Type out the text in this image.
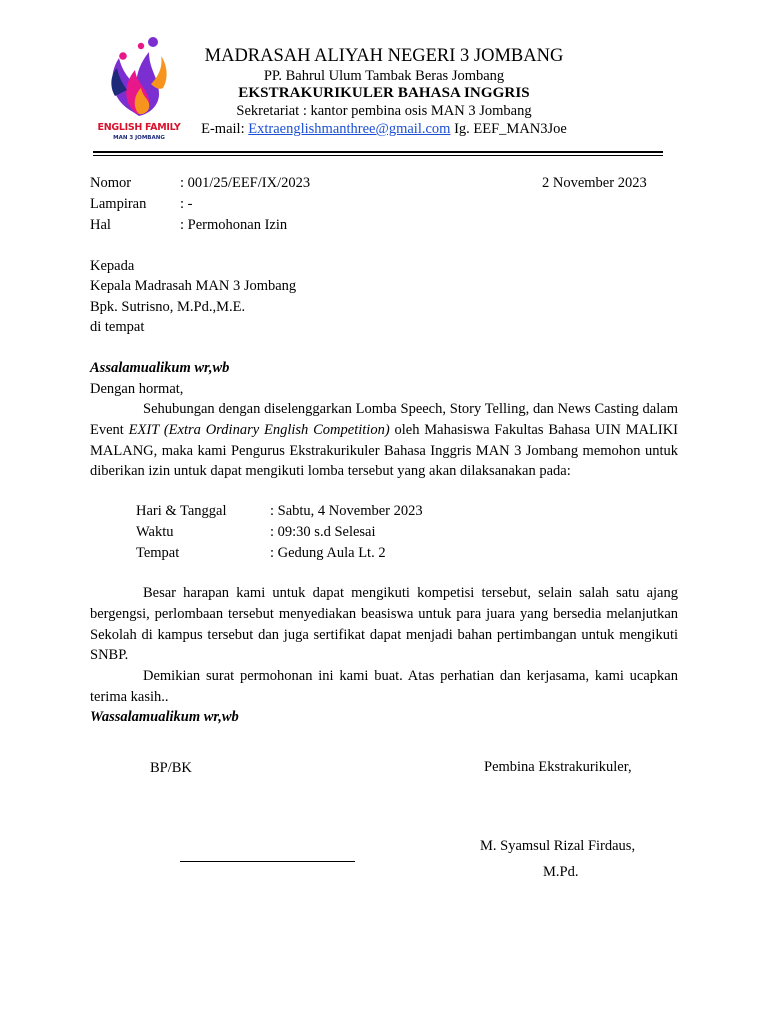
ENGLISH FAMILY
MAN 3 JOMBANG
MADRASAH ALIYAH NEGERI 3 JOMBANG
PP. Bahrul Ulum Tambak Beras Jombang
EKSTRAKURIKULER BAHASA INGGRIS
Sekretariat : kantor pembina osis MAN 3 Jombang
E-mail: Extraenglishmanthree@gmail.com Ig. EEF_MAN3Joe
Nomor	: 001/25/EEF/IX/2023	2 November 2023
Lampiran : -
Hal	: Permohonan Izin
Kepada
Kepala Madrasah MAN 3 Jombang
Bpk. Sutrisno, M.Pd.,M.E.
di tempat
Assalamualikum wr,wb
Dengan hormat,
Sehubungan dengan diselenggarkan Lomba Speech, Story Telling, dan News Casting dalam Event EXIT (Extra Ordinary English Competition) oleh Mahasiswa Fakultas Bahasa UIN MALIKI MALANG, maka kami Pengurus Ekstrakurikuler Bahasa Inggris MAN 3 Jombang memohon untuk diberikan izin untuk dapat mengikuti lomba tersebut yang akan dilaksanakan pada:
Hari & Tanggal	: Sabtu, 4 November 2023
Waktu	: 09:30 s.d Selesai
Tempat	: Gedung Aula Lt. 2
Besar harapan kami untuk dapat mengikuti kompetisi tersebut, selain salah satu ajang bergengsi, perlombaan tersebut menyediakan beasiswa untuk para juara yang bersedia melanjutkan Sekolah di kampus tersebut dan juga sertifikat dapat menjadi bahan pertimbangan untuk mengikuti SNBP.
Demikian surat permohonan ini kami buat. Atas perhatian dan kerjasama, kami ucapkan terima kasih..
Wassalamualikum wr,wb
BP/BK	Pembina Ekstrakurikuler,
M. Syamsul Rizal Firdaus,
M.Pd.
